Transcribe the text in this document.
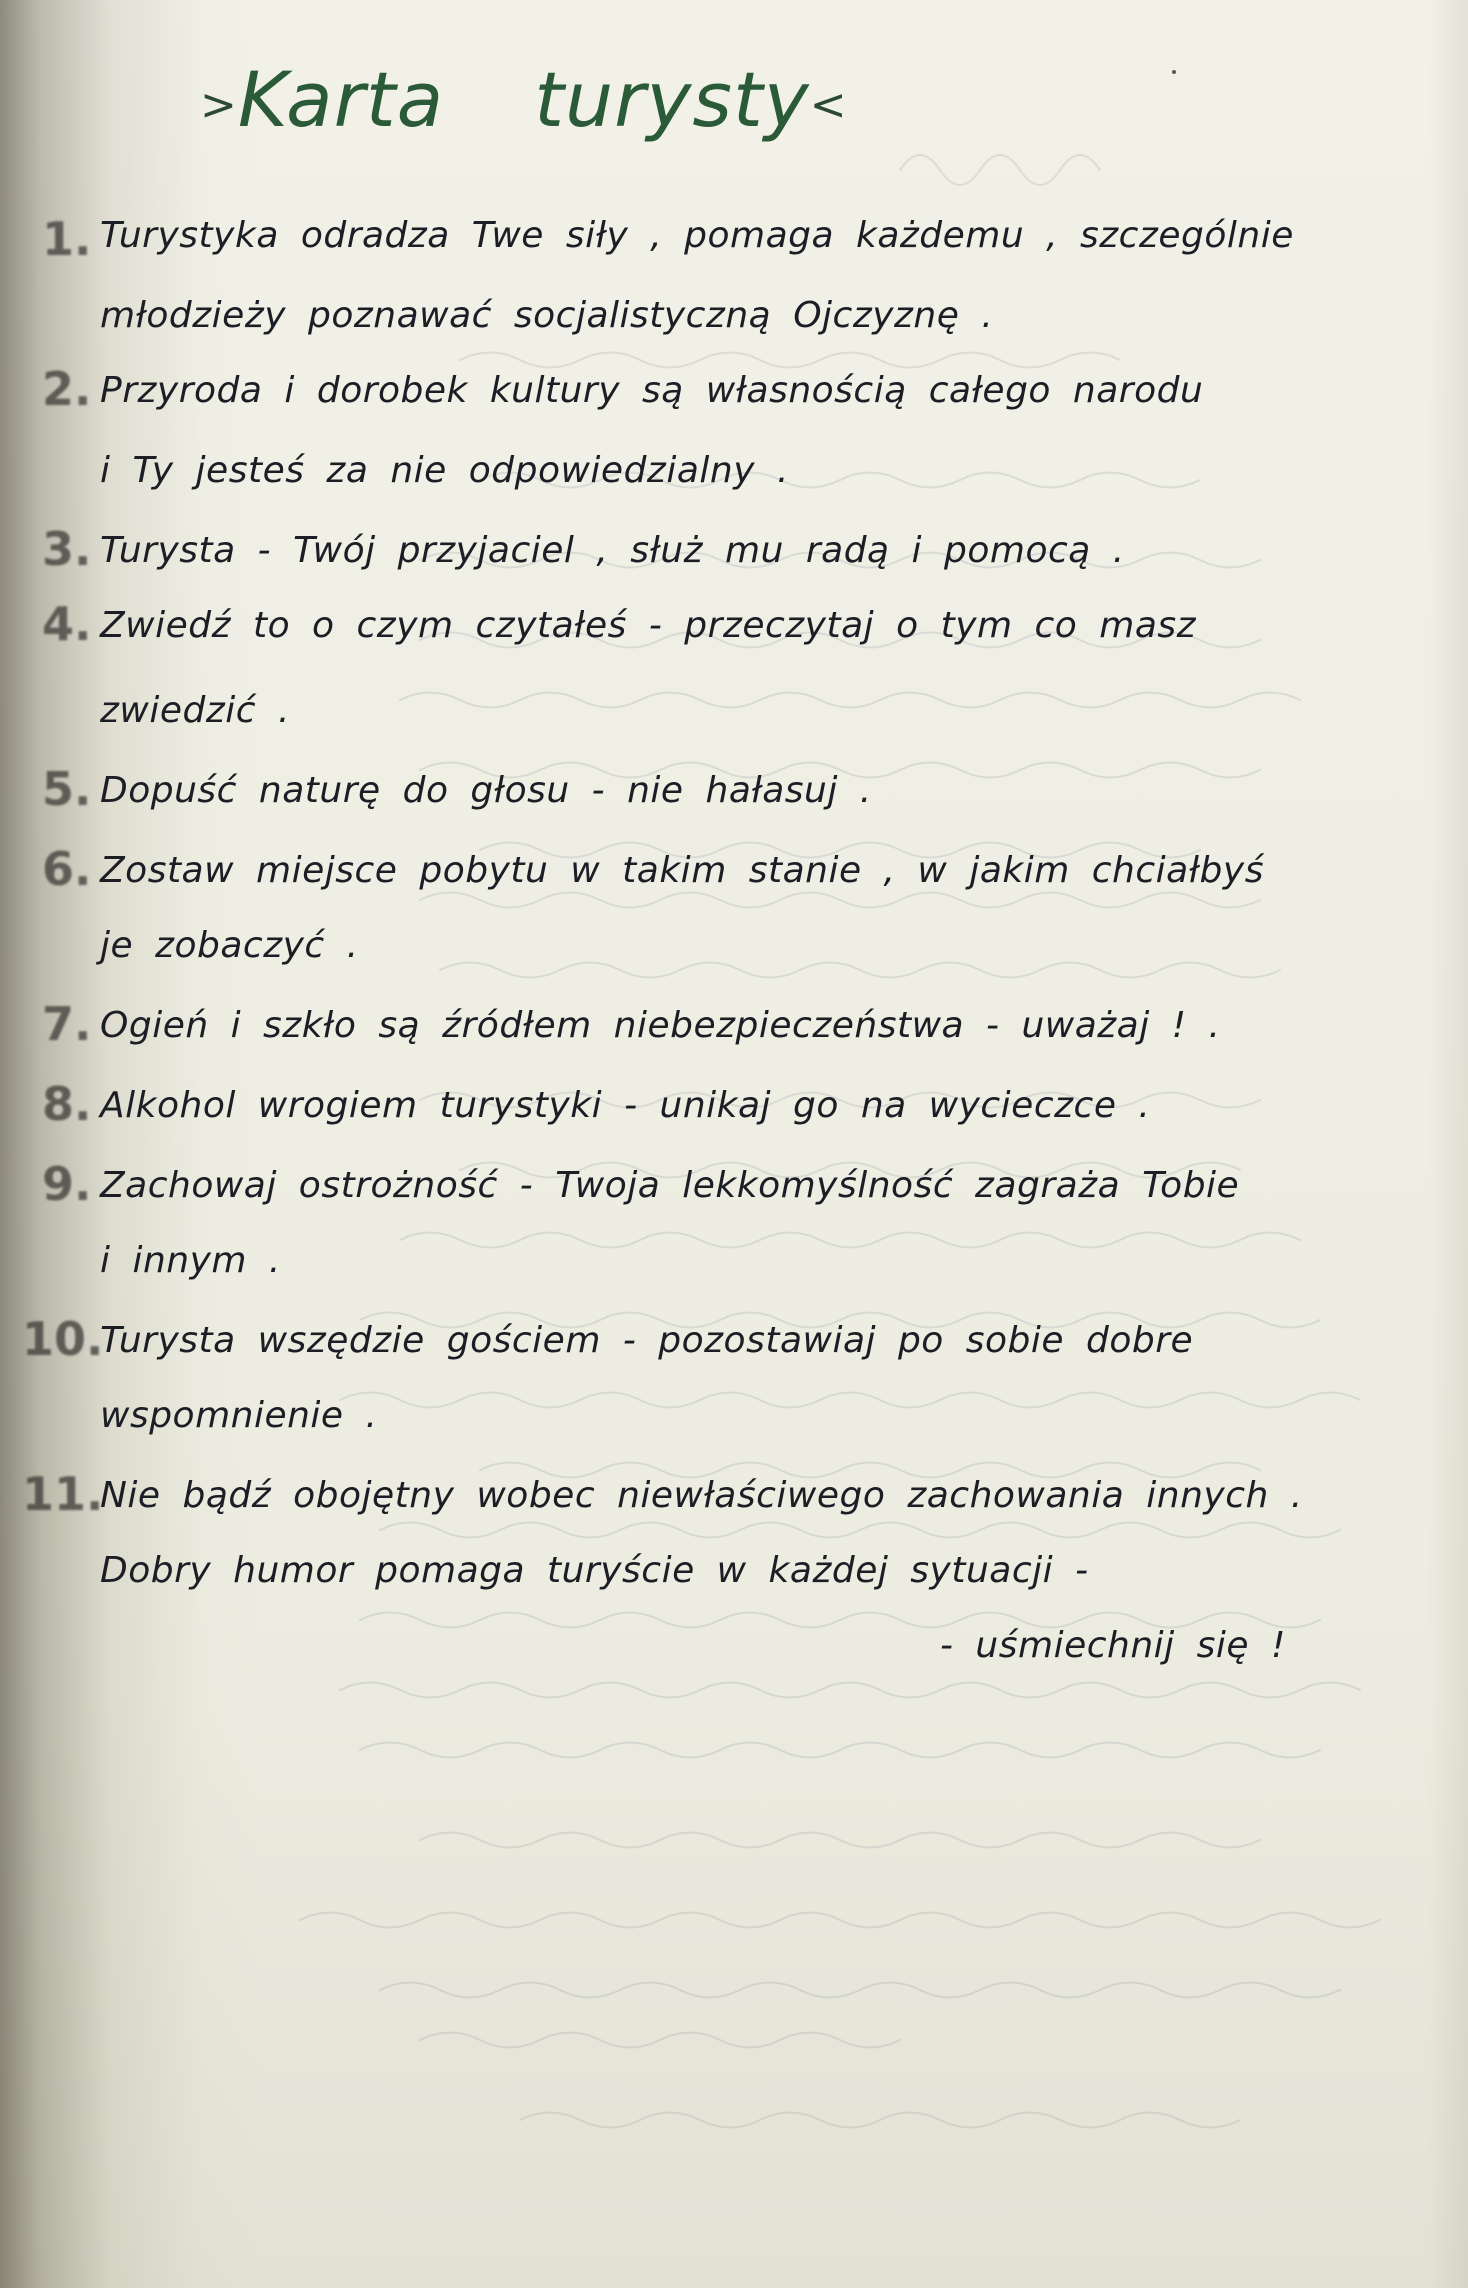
>Karta turysty<
1.
2.
3.
4.
5.
6.
7.
8.
9.
10.
11.
Turystyka odradza Twe siły , pomaga każdemu , szczególnie
młodzieży poznawać socjalistyczną Ojczyznę .
Przyroda i dorobek kultury są własnością całego narodu
i Ty jesteś za nie odpowiedzialny .
Turysta - Twój przyjaciel , służ mu radą i pomocą .
Zwiedź to o czym czytałeś - przeczytaj o tym co masz
zwiedzić .
Dopuść naturę do głosu - nie hałasuj .
Zostaw miejsce pobytu w takim stanie , w jakim chciałbyś
je zobaczyć .
Ogień i szkło są źródłem niebezpieczeństwa - uważaj ! .
Alkohol wrogiem turystyki - unikaj go na wycieczce .
Zachowaj ostrożność - Twoja lekkomyślność zagraża Tobie
i innym .
Turysta wszędzie gościem - pozostawiaj po sobie dobre
wspomnienie .
Nie bądź obojętny wobec niewłaściwego zachowania innych .
Dobry humor pomaga turyście w każdej sytuacji -
- uśmiechnij się !
